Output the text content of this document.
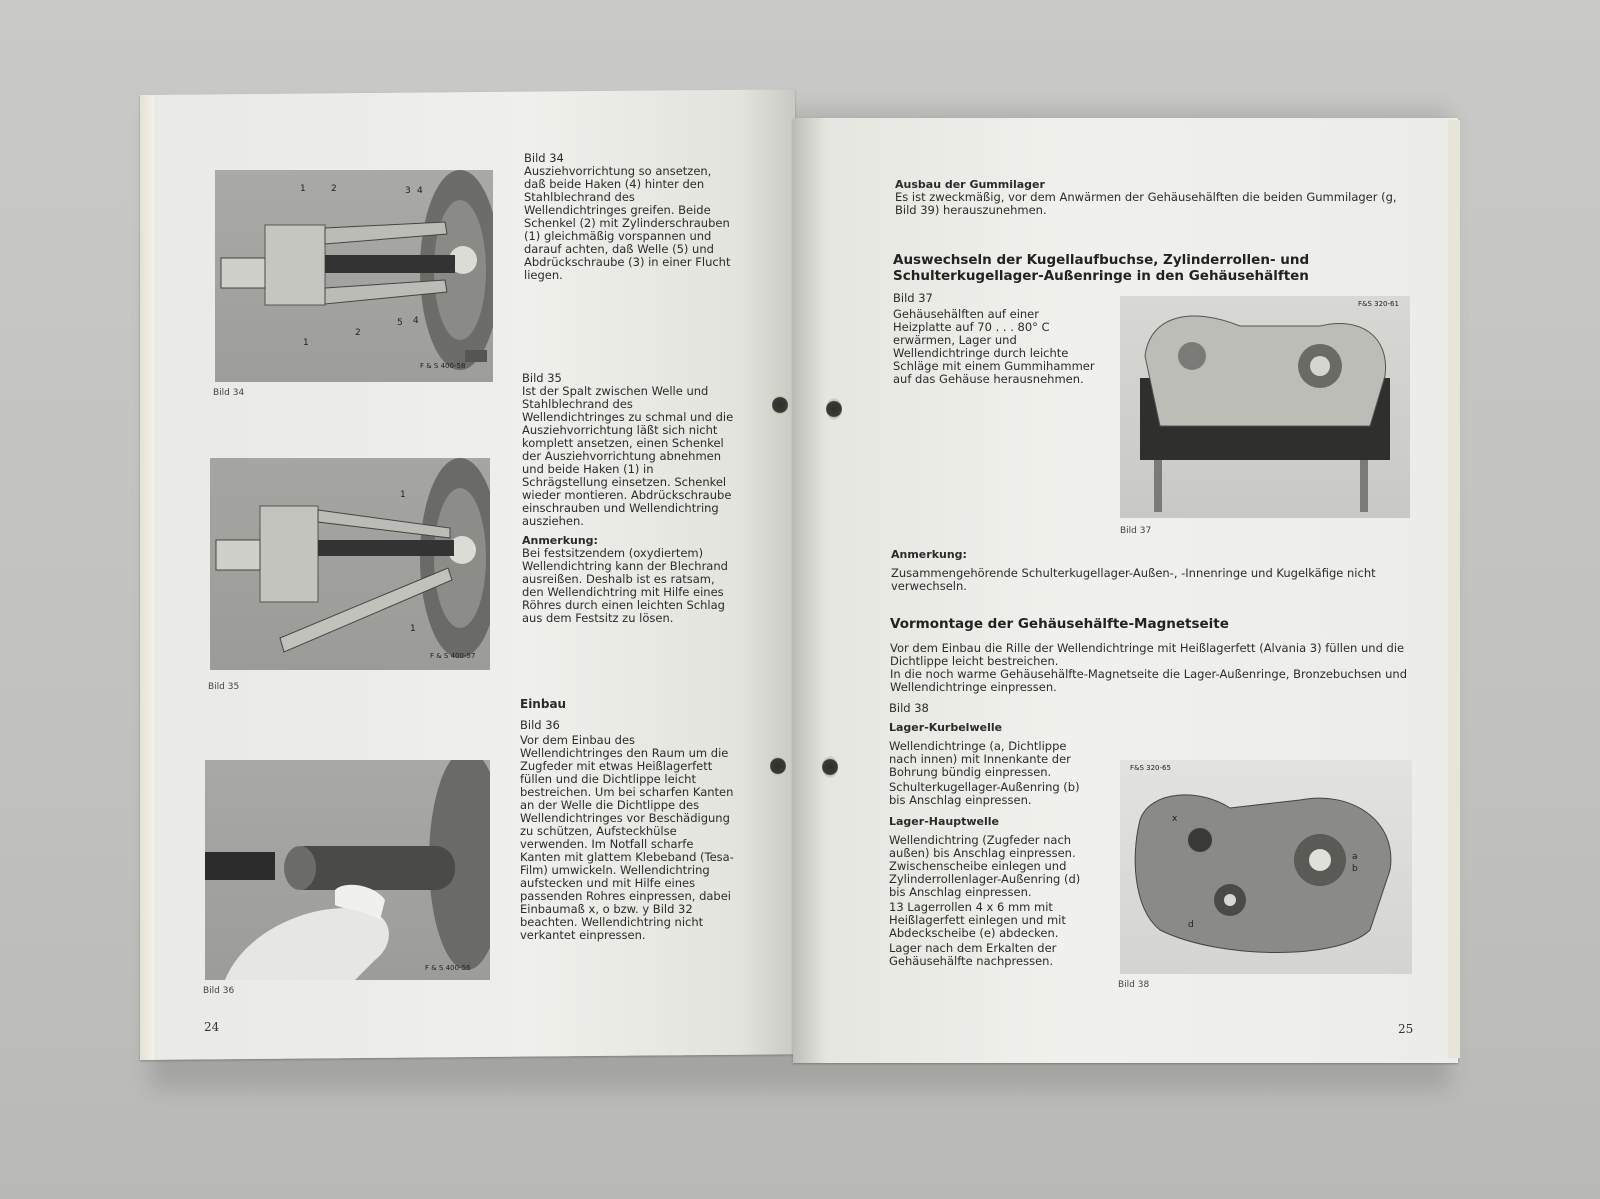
1	2	3 4
1
2
5 4
F & S 400-58
Bild 34

Bild 34

Ausziehvorrichtung so ansetzen, daß beide Haken (4) hinter den Stahlblechrand des Wellendichtringes greifen. Beide Schenkel (2) mit Zylinderschrauben (1) gleichmäßig vorspannen und darauf achten, daß Welle (5) und Abdrückschraube (3) in einer Flucht liegen.

1
1
F & S 400-57
Bild 35

Bild 35

Ist der Spalt zwischen Welle und Stahlblechrand des Wellendichtringes zu schmal und die Ausziehvorrichtung läßt sich nicht komplett ansetzen, einen Schenkel der Ausziehvorrichtung abnehmen und beide Haken (1) in Schrägstellung einsetzen. Schenkel wieder montieren. Abdrückschraube einschrauben und Wellendichtring ausziehen.

Anmerkung:

Bei festsitzendem (oxydiertem) Wellendichtring kann der Blechrand ausreißen. Deshalb ist es ratsam, den Wellendichtring mit Hilfe eines Röhres durch einen leichten Schlag aus dem Festsitz zu lösen.

Einbau

Bild 36

Vor dem Einbau des Wellendichtringes den Raum um die Zugfeder mit etwas Heißlagerfett füllen und die Dichtlippe leicht bestreichen. Um bei scharfen Kanten an der Welle die Dichtlippe des Wellendichtringes vor Beschädigung zu schützen, Aufsteckhülse verwenden. Im Notfall scharfe Kanten mit glattem Klebeband (Tesa-Film) umwickeln. Wellendichtring aufstecken und mit Hilfe eines passenden Rohres einpressen, dabei Einbaumaß x, o bzw. y Bild 32 beachten. Wellendichtring nicht verkantet einpressen.

F & S 400-56
Bild 36
24

Ausbau der Gummilager

Es ist zweckmäßig, vor dem Anwärmen der Gehäusehälften die beiden Gummilager (g, Bild 39) herauszunehmen.

Auswechseln der Kugellaufbuchse, Zylinderrollen- und Schulterkugellager-Außenringe in den Gehäusehälften

Bild 37

Gehäusehälften auf einer Heizplatte auf 70 . . . 80° C erwärmen, Lager und Wellendichtringe durch leichte Schläge mit einem Gummihammer auf das Gehäuse herausnehmen.

F&S 320-61
Bild 37

Anmerkung:

Zusammengehörende Schulterkugellager-Außen-, -Innenringe und Kugelkäfige nicht verwechseln.

Vormontage der Gehäusehälfte-Magnetseite

Vor dem Einbau die Rille der Wellendichtringe mit Heißlagerfett (Alvania 3) füllen und die Dichtlippe leicht bestreichen.

In die noch warme Gehäusehälfte-Magnetseite die Lager-Außenringe, Bronzebuchsen und Wellendichtringe einpressen.

Bild 38

Lager-Kurbelwelle

Wellendichtringe (a, Dichtlippe nach innen) mit Innenkante der Bohrung bündig einpressen.

Schulterkugellager-Außenring (b) bis Anschlag einpressen.

Lager-Hauptwelle

Wellendichtring (Zugfeder nach außen) bis Anschlag einpressen. Zwischenscheibe einlegen und Zylinderrollenlager-Außenring (d) bis Anschlag einpressen.

13 Lagerrollen 4 x 6 mm mit Heißlagerfett einlegen und mit Abdeckscheibe (e) abdecken.

Lager nach dem Erkalten der Gehäusehälfte nachpressen.

F&S 320-65
x
a
b
d
Bild 38
25
